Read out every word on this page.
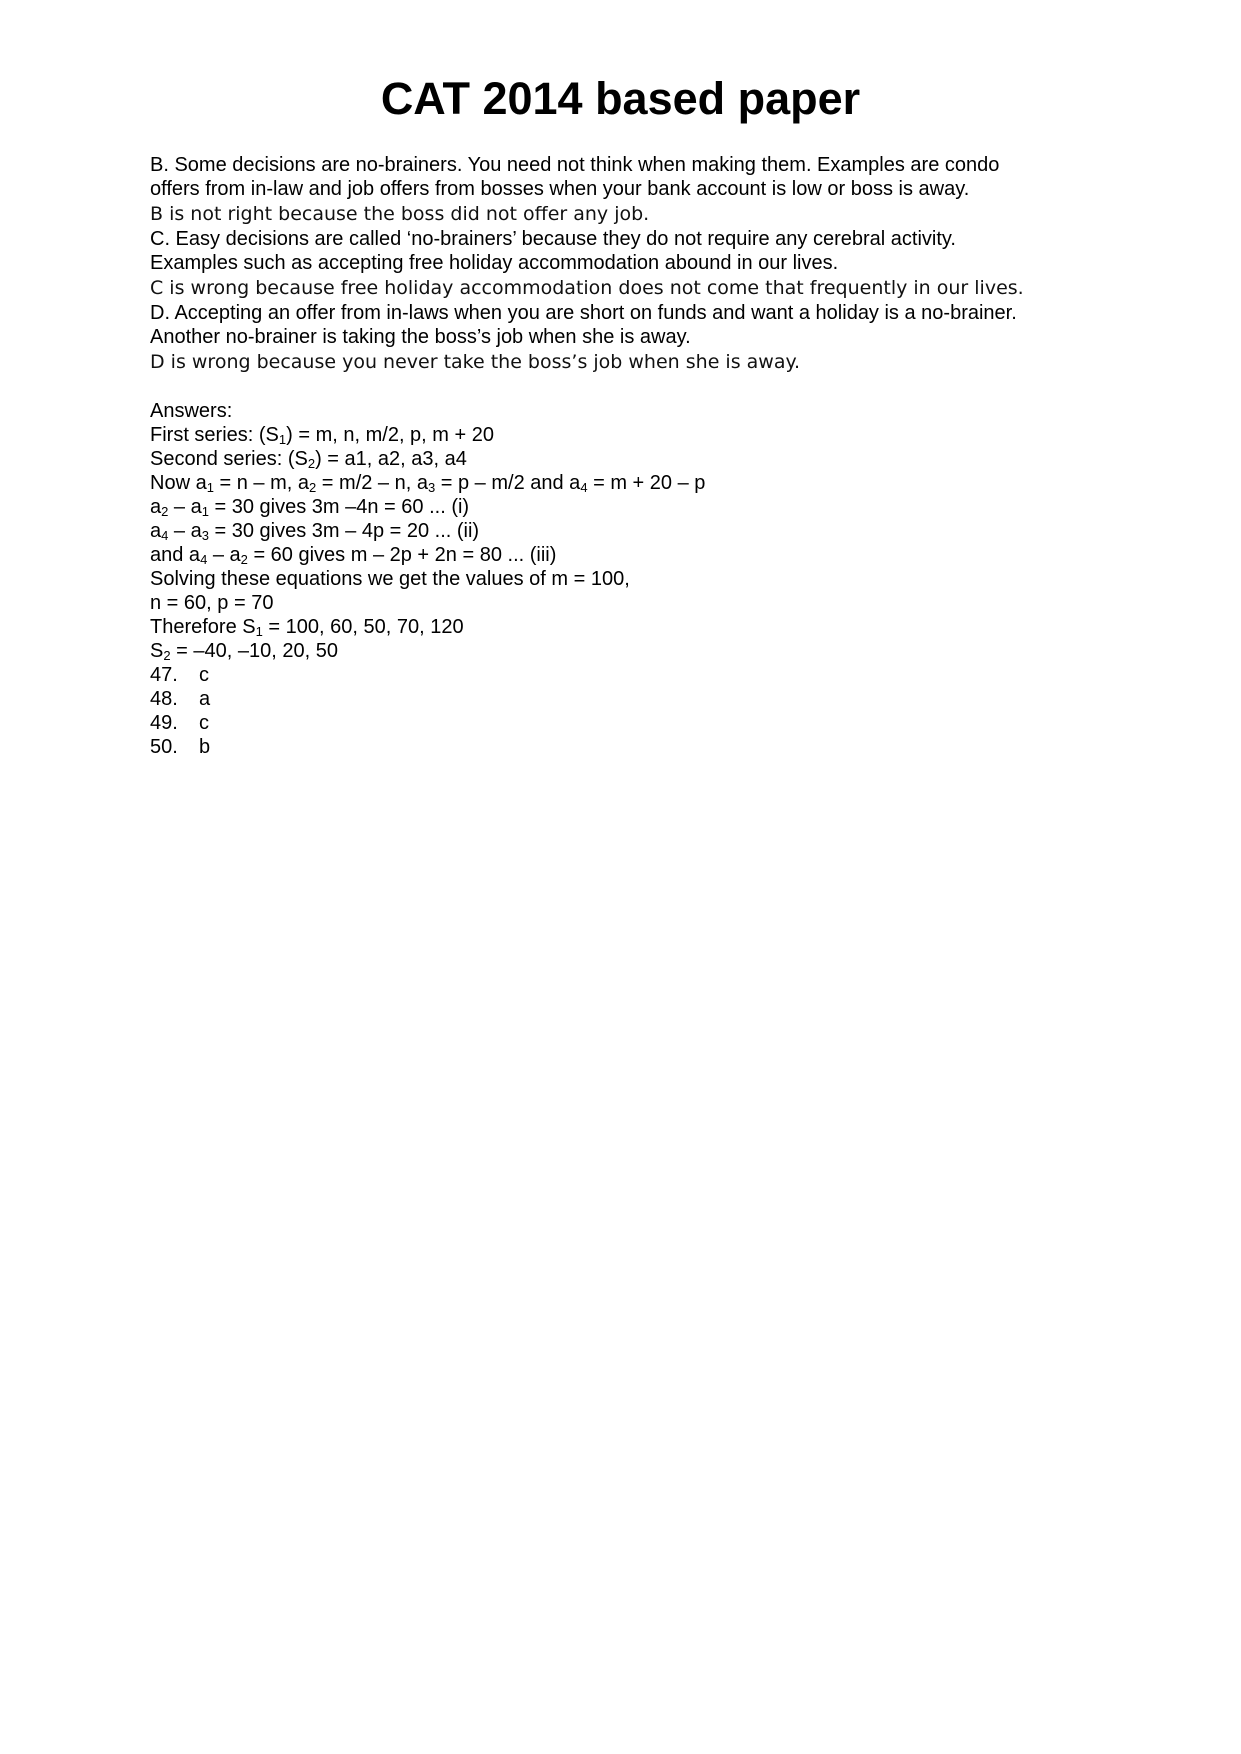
CAT 2014 based paper
B. Some decisions are no-brainers. You need not think when making them. Examples are condo
offers from in-law and job offers from bosses when your bank account is low or boss is away.
B is not right because the boss did not offer any job.
C. Easy decisions are called ‘no-brainers’ because they do not require any cerebral activity.
Examples such as accepting free holiday accommodation abound in our lives.
C is wrong because free holiday accommodation does not come that frequently in our lives.
D. Accepting an offer from in-laws when you are short on funds and want a holiday is a no-brainer.
Another no-brainer is taking the boss’s job when she is away.
D is wrong because you never take the boss’s job when she is away.
Answers:
First series: $(S_1) = m$, n, m/2, p, m + 20
Second series: $(S_2) = a1$, a2, a3, a4
Now $a_1 = n - m$, $a_2 = m/2 - n$, $a_3 = p - m/2$ and $a_4 = m + 20 - p$
$a_2 - a_1 = 30$ gives 3m –4n = 60 ... (i)
$a_4 - a_3 = 30$ gives 3m – 4p = 20 ... (ii)
and $a_4 - a_2 = 60$ gives m – 2p + 2n = 80 ... (iii)
Solving these equations we get the values of m = 100,
n = 60, p = 70
Therefore $S_1 = 100$, 60, 50, 70, 120
$S_2 = -40$, –10, 20, 50
47. c
48. a
49. c
50. b
